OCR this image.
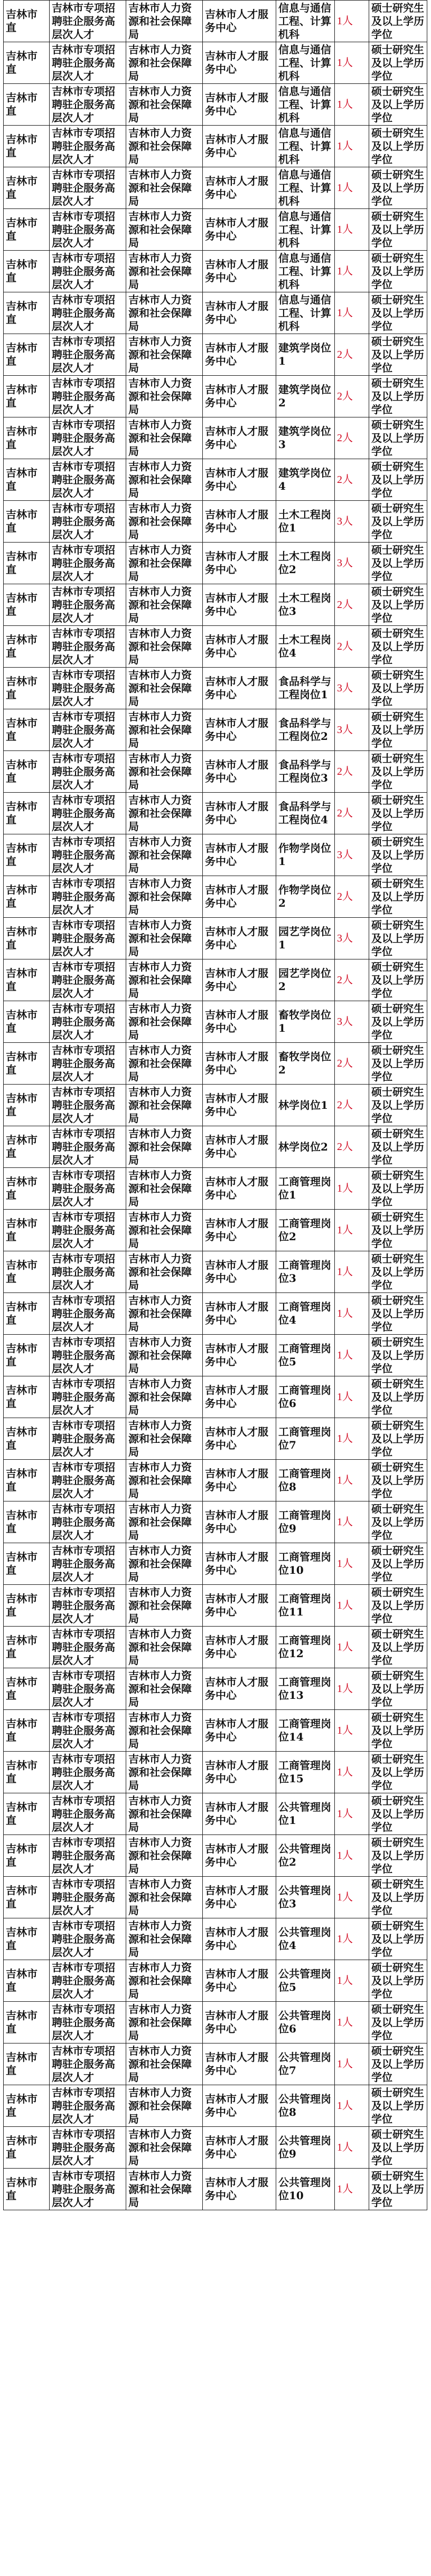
吉林市直	吉林市专项招聘驻企服务高层次人才	吉林市人力资源和社会保障局	吉林市人才服务中心	信息与通信工程、计算机科	1人	硕士研究生及以上学历学位
吉林市直	吉林市专项招聘驻企服务高层次人才	吉林市人力资源和社会保障局	吉林市人才服务中心	信息与通信工程、计算机科	1人	硕士研究生及以上学历学位
吉林市直	吉林市专项招聘驻企服务高层次人才	吉林市人力资源和社会保障局	吉林市人才服务中心	信息与通信工程、计算机科	1人	硕士研究生及以上学历学位
吉林市直	吉林市专项招聘驻企服务高层次人才	吉林市人力资源和社会保障局	吉林市人才服务中心	信息与通信工程、计算机科	1人	硕士研究生及以上学历学位
吉林市直	吉林市专项招聘驻企服务高层次人才	吉林市人力资源和社会保障局	吉林市人才服务中心	信息与通信工程、计算机科	1人	硕士研究生及以上学历学位
吉林市直	吉林市专项招聘驻企服务高层次人才	吉林市人力资源和社会保障局	吉林市人才服务中心	信息与通信工程、计算机科	1人	硕士研究生及以上学历学位
吉林市直	吉林市专项招聘驻企服务高层次人才	吉林市人力资源和社会保障局	吉林市人才服务中心	信息与通信工程、计算机科	1人	硕士研究生及以上学历学位
吉林市直	吉林市专项招聘驻企服务高层次人才	吉林市人力资源和社会保障局	吉林市人才服务中心	信息与通信工程、计算机科	1人	硕士研究生及以上学历学位
吉林市直	吉林市专项招聘驻企服务高层次人才	吉林市人力资源和社会保障局	吉林市人才服务中心	建筑学岗位1	2人	硕士研究生及以上学历学位
吉林市直	吉林市专项招聘驻企服务高层次人才	吉林市人力资源和社会保障局	吉林市人才服务中心	建筑学岗位2	2人	硕士研究生及以上学历学位
吉林市直	吉林市专项招聘驻企服务高层次人才	吉林市人力资源和社会保障局	吉林市人才服务中心	建筑学岗位3	2人	硕士研究生及以上学历学位
吉林市直	吉林市专项招聘驻企服务高层次人才	吉林市人力资源和社会保障局	吉林市人才服务中心	建筑学岗位4	2人	硕士研究生及以上学历学位
吉林市直	吉林市专项招聘驻企服务高层次人才	吉林市人力资源和社会保障局	吉林市人才服务中心	土木工程岗位1	3人	硕士研究生及以上学历学位
吉林市直	吉林市专项招聘驻企服务高层次人才	吉林市人力资源和社会保障局	吉林市人才服务中心	土木工程岗位2	3人	硕士研究生及以上学历学位
吉林市直	吉林市专项招聘驻企服务高层次人才	吉林市人力资源和社会保障局	吉林市人才服务中心	土木工程岗位3	2人	硕士研究生及以上学历学位
吉林市直	吉林市专项招聘驻企服务高层次人才	吉林市人力资源和社会保障局	吉林市人才服务中心	土木工程岗位4	2人	硕士研究生及以上学历学位
吉林市直	吉林市专项招聘驻企服务高层次人才	吉林市人力资源和社会保障局	吉林市人才服务中心	食品科学与工程岗位1	3人	硕士研究生及以上学历学位
吉林市直	吉林市专项招聘驻企服务高层次人才	吉林市人力资源和社会保障局	吉林市人才服务中心	食品科学与工程岗位2	3人	硕士研究生及以上学历学位
吉林市直	吉林市专项招聘驻企服务高层次人才	吉林市人力资源和社会保障局	吉林市人才服务中心	食品科学与工程岗位3	2人	硕士研究生及以上学历学位
吉林市直	吉林市专项招聘驻企服务高层次人才	吉林市人力资源和社会保障局	吉林市人才服务中心	食品科学与工程岗位4	2人	硕士研究生及以上学历学位
吉林市直	吉林市专项招聘驻企服务高层次人才	吉林市人力资源和社会保障局	吉林市人才服务中心	作物学岗位1	3人	硕士研究生及以上学历学位
吉林市直	吉林市专项招聘驻企服务高层次人才	吉林市人力资源和社会保障局	吉林市人才服务中心	作物学岗位2	2人	硕士研究生及以上学历学位
吉林市直	吉林市专项招聘驻企服务高层次人才	吉林市人力资源和社会保障局	吉林市人才服务中心	园艺学岗位1	3人	硕士研究生及以上学历学位
吉林市直	吉林市专项招聘驻企服务高层次人才	吉林市人力资源和社会保障局	吉林市人才服务中心	园艺学岗位2	2人	硕士研究生及以上学历学位
吉林市直	吉林市专项招聘驻企服务高层次人才	吉林市人力资源和社会保障局	吉林市人才服务中心	畜牧学岗位1	3人	硕士研究生及以上学历学位
吉林市直	吉林市专项招聘驻企服务高层次人才	吉林市人力资源和社会保障局	吉林市人才服务中心	畜牧学岗位2	2人	硕士研究生及以上学历学位
吉林市直	吉林市专项招聘驻企服务高层次人才	吉林市人力资源和社会保障局	吉林市人才服务中心	林学岗位1	2人	硕士研究生及以上学历学位
吉林市直	吉林市专项招聘驻企服务高层次人才	吉林市人力资源和社会保障局	吉林市人才服务中心	林学岗位2	2人	硕士研究生及以上学历学位
吉林市直	吉林市专项招聘驻企服务高层次人才	吉林市人力资源和社会保障局	吉林市人才服务中心	工商管理岗位1	1人	硕士研究生及以上学历学位
吉林市直	吉林市专项招聘驻企服务高层次人才	吉林市人力资源和社会保障局	吉林市人才服务中心	工商管理岗位2	1人	硕士研究生及以上学历学位
吉林市直	吉林市专项招聘驻企服务高层次人才	吉林市人力资源和社会保障局	吉林市人才服务中心	工商管理岗位3	1人	硕士研究生及以上学历学位
吉林市直	吉林市专项招聘驻企服务高层次人才	吉林市人力资源和社会保障局	吉林市人才服务中心	工商管理岗位4	1人	硕士研究生及以上学历学位
吉林市直	吉林市专项招聘驻企服务高层次人才	吉林市人力资源和社会保障局	吉林市人才服务中心	工商管理岗位5	1人	硕士研究生及以上学历学位
吉林市直	吉林市专项招聘驻企服务高层次人才	吉林市人力资源和社会保障局	吉林市人才服务中心	工商管理岗位6	1人	硕士研究生及以上学历学位
吉林市直	吉林市专项招聘驻企服务高层次人才	吉林市人力资源和社会保障局	吉林市人才服务中心	工商管理岗位7	1人	硕士研究生及以上学历学位
吉林市直	吉林市专项招聘驻企服务高层次人才	吉林市人力资源和社会保障局	吉林市人才服务中心	工商管理岗位8	1人	硕士研究生及以上学历学位
吉林市直	吉林市专项招聘驻企服务高层次人才	吉林市人力资源和社会保障局	吉林市人才服务中心	工商管理岗位9	1人	硕士研究生及以上学历学位
吉林市直	吉林市专项招聘驻企服务高层次人才	吉林市人力资源和社会保障局	吉林市人才服务中心	工商管理岗位10	1人	硕士研究生及以上学历学位
吉林市直	吉林市专项招聘驻企服务高层次人才	吉林市人力资源和社会保障局	吉林市人才服务中心	工商管理岗位11	1人	硕士研究生及以上学历学位
吉林市直	吉林市专项招聘驻企服务高层次人才	吉林市人力资源和社会保障局	吉林市人才服务中心	工商管理岗位12	1人	硕士研究生及以上学历学位
吉林市直	吉林市专项招聘驻企服务高层次人才	吉林市人力资源和社会保障局	吉林市人才服务中心	工商管理岗位13	1人	硕士研究生及以上学历学位
吉林市直	吉林市专项招聘驻企服务高层次人才	吉林市人力资源和社会保障局	吉林市人才服务中心	工商管理岗位14	1人	硕士研究生及以上学历学位
吉林市直	吉林市专项招聘驻企服务高层次人才	吉林市人力资源和社会保障局	吉林市人才服务中心	工商管理岗位15	1人	硕士研究生及以上学历学位
吉林市直	吉林市专项招聘驻企服务高层次人才	吉林市人力资源和社会保障局	吉林市人才服务中心	公共管理岗位1	1人	硕士研究生及以上学历学位
吉林市直	吉林市专项招聘驻企服务高层次人才	吉林市人力资源和社会保障局	吉林市人才服务中心	公共管理岗位2	1人	硕士研究生及以上学历学位
吉林市直	吉林市专项招聘驻企服务高层次人才	吉林市人力资源和社会保障局	吉林市人才服务中心	公共管理岗位3	1人	硕士研究生及以上学历学位
吉林市直	吉林市专项招聘驻企服务高层次人才	吉林市人力资源和社会保障局	吉林市人才服务中心	公共管理岗位4	1人	硕士研究生及以上学历学位
吉林市直	吉林市专项招聘驻企服务高层次人才	吉林市人力资源和社会保障局	吉林市人才服务中心	公共管理岗位5	1人	硕士研究生及以上学历学位
吉林市直	吉林市专项招聘驻企服务高层次人才	吉林市人力资源和社会保障局	吉林市人才服务中心	公共管理岗位6	1人	硕士研究生及以上学历学位
吉林市直	吉林市专项招聘驻企服务高层次人才	吉林市人力资源和社会保障局	吉林市人才服务中心	公共管理岗位7	1人	硕士研究生及以上学历学位
吉林市直	吉林市专项招聘驻企服务高层次人才	吉林市人力资源和社会保障局	吉林市人才服务中心	公共管理岗位8	1人	硕士研究生及以上学历学位
吉林市直	吉林市专项招聘驻企服务高层次人才	吉林市人力资源和社会保障局	吉林市人才服务中心	公共管理岗位9	1人	硕士研究生及以上学历学位
吉林市直	吉林市专项招聘驻企服务高层次人才	吉林市人力资源和社会保障局	吉林市人才服务中心	公共管理岗位10	1人	硕士研究生及以上学历学位
